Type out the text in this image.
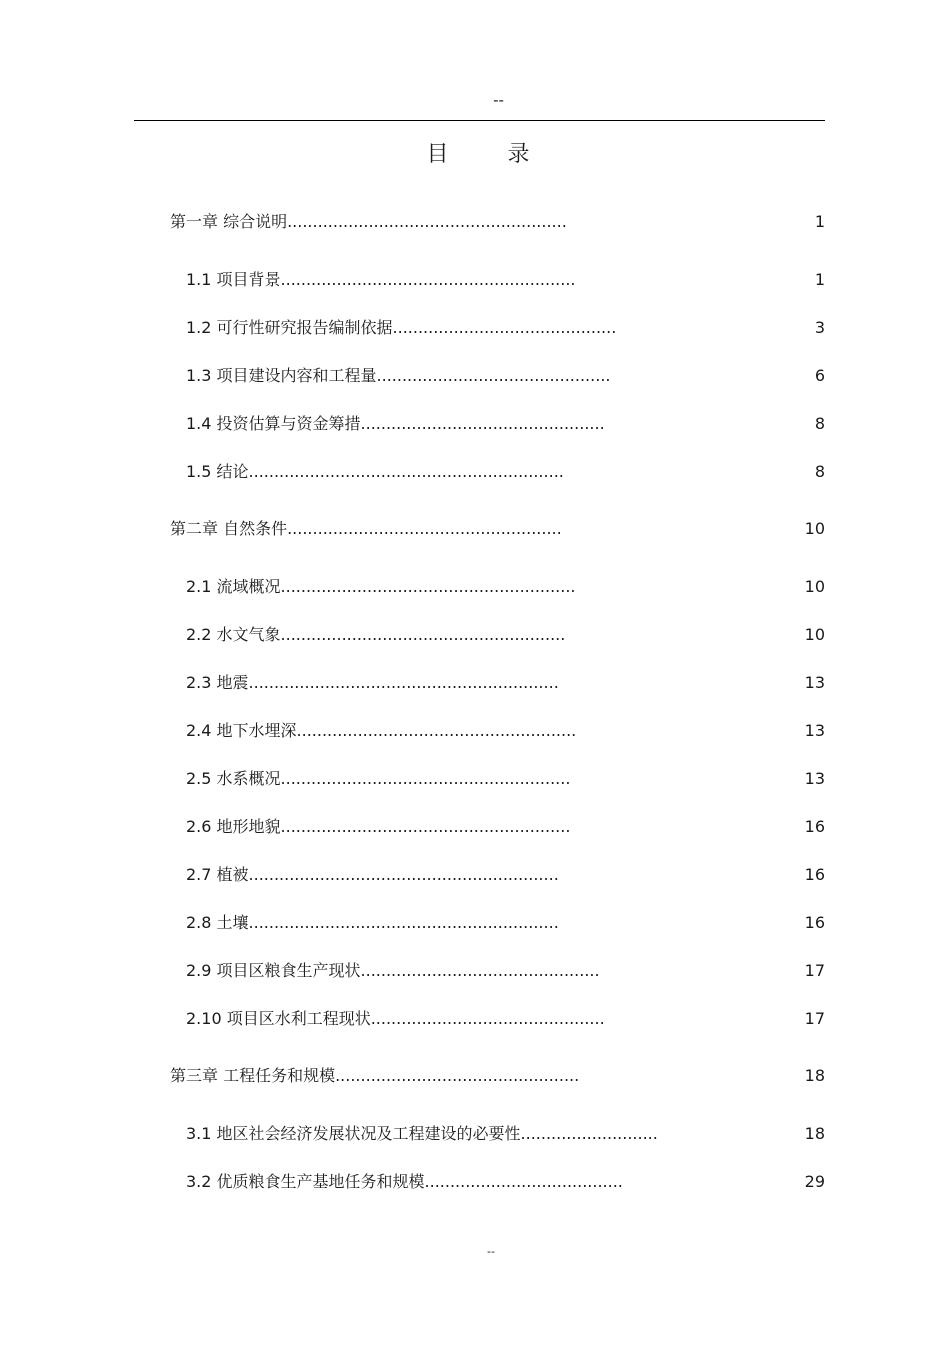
--
目 录
第一章 综合说明.......................................................	1
1.1 项目背景..........................................................	1
1.2 可行性研究报告编制依据............................................	3
1.3 项目建设内容和工程量..............................................	6
1.4 投资估算与资金筹措................................................	8
1.5 结论..............................................................	8
第二章 自然条件......................................................	10
2.1 流域概况..........................................................	10
2.2 水文气象........................................................	10
2.3 地震.............................................................	13
2.4 地下水埋深.......................................................	13
2.5 水系概况.........................................................	13
2.6 地形地貌.........................................................	16
2.7 植被.............................................................	16
2.8 土壤.............................................................	16
2.9 项目区粮食生产现状...............................................	17
2.10 项目区水利工程现状..............................................	17
第三章 工程任务和规模................................................	18
3.1 地区社会经济发展状况及工程建设的必要性...........................	18
3.2 优质粮食生产基地任务和规模.......................................	29
--
